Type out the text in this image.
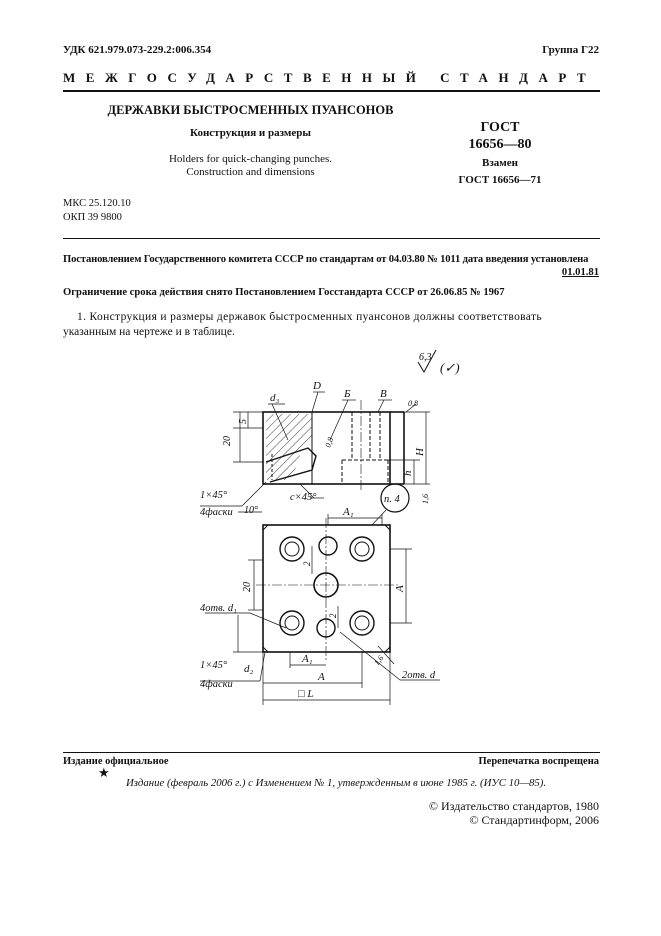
УДК 621.979.073-229.2:006.354	Группа Г22
МЕЖГОСУДАРСТВЕННЫЙ СТАНДАРТ
ДЕРЖАВКИ БЫСТРОСМЕННЫХ ПУАНСОНОВ
Конструкция и размеры
Holders for quick-changing punches.
Construction and dimensions
ГОСТ
16656—80
Взамен
ГОСТ 16656—71
МКС 25.120.10
ОКП 39 9800
Постановлением Государственного комитета СССР по стандартам от 04.03.80 № 1011 дата введения установлена
01.01.81
Ограничение срока действия снято Постановлением Госстандарта СССР от 26.06.85 № 1967
1. Конструкция и размеры державок быстросменных пуансонов должны соответствовать
указанным на чертеже и в таблице.
6,3
(✓)
d₃
D
Б	B
0,8
0,8
20
5
h
H
1,6
1×45°
4фаски 10°
c×45°	п. 4
A₁
2
20	A
4отв. d₁
2
1×45° d₂
4фаски
A₁
A
1,6
2отв. d
□ L
Издание официальное	Перепечатка воспрещена
★
Издание (февраль 2006 г.) с Изменением № 1, утвержденным в июне 1985 г. (ИУС 10—85).
© Издательство стандартов, 1980
© Стандартинформ, 2006
